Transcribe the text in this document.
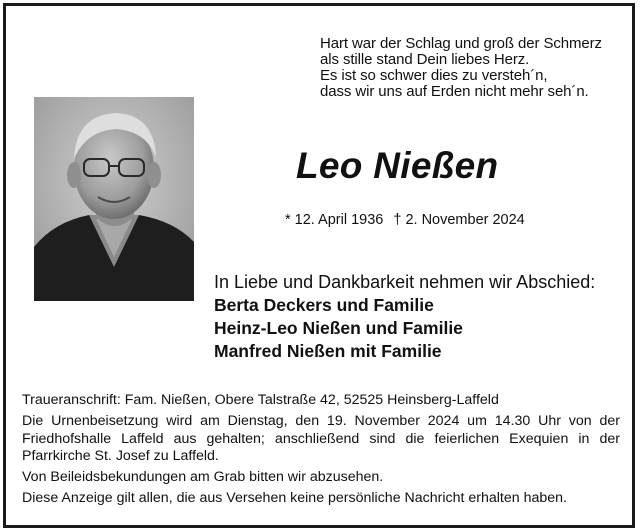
Hart war der Schlag und groß der Schmerz
als stille stand Dein liebes Herz.
Es ist so schwer dies zu versteh´n,
dass wir uns auf Erden nicht mehr seh´n.
Leo Nießen
* 12. April 1936 † 2. November 2024
In Liebe und Dankbarkeit nehmen wir Abschied:
Berta Deckers und Familie
Heinz-Leo Nießen und Familie
Manfred Nießen mit Familie
Traueranschrift: Fam. Nießen, Obere Talstraße 42, 52525 Heinsberg-Laffeld
Die Urnenbeisetzung wird am Dienstag, den 19. November 2024 um 14.30 Uhr von der Friedhofshalle Laffeld aus gehalten; anschließend sind die feierlichen Exequien in der Pfarrkirche St. Josef zu Laffeld.
Von Beileidsbekundungen am Grab bitten wir abzusehen.
Diese Anzeige gilt allen, die aus Versehen keine persönliche Nachricht erhalten haben.
